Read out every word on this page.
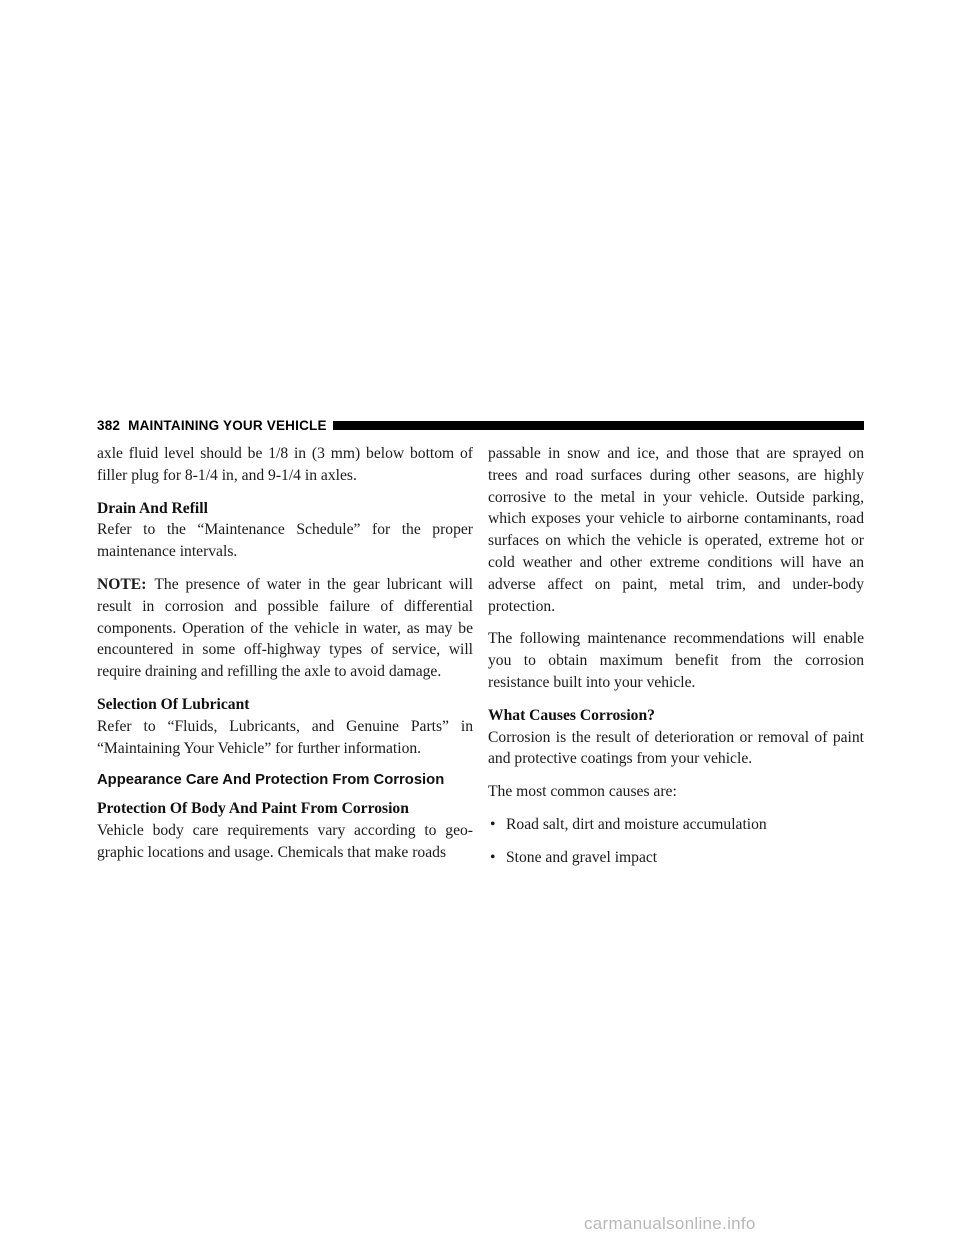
382 MAINTAINING YOUR VEHICLE

axle fluid level should be 1/8 in (3 mm) below bottom of filler plug for 8-1/4 in, and 9-1/4 in axles.

Drain And Refill

Refer to the “Maintenance Schedule” for the proper maintenance intervals.

NOTE: The presence of water in the gear lubricant will result in corrosion and possible failure of differential components. Operation of the vehicle in water, as may be encountered in some off-highway types of service, will require draining and refilling the axle to avoid damage.

Selection Of Lubricant

Refer to “Fluids, Lubricants, and Genuine Parts” in “Maintaining Your Vehicle” for further information.

Appearance Care And Protection From Corrosion
Protection Of Body And Paint From Corrosion

Vehicle body care requirements vary according to geo-graphic locations and usage. Chemicals that make roads

passable in snow and ice, and those that are sprayed on trees and road surfaces during other seasons, are highly corrosive to the metal in your vehicle. Outside parking, which exposes your vehicle to airborne contaminants, road surfaces on which the vehicle is operated, extreme hot or cold weather and other extreme conditions will have an adverse affect on paint, metal trim, and under-body protection.

The following maintenance recommendations will enable you to obtain maximum benefit from the corrosion resistance built into your vehicle.

What Causes Corrosion?

Corrosion is the result of deterioration or removal of paint and protective coatings from your vehicle.

The most common causes are:

• Road salt, dirt and moisture accumulation
• Stone and gravel impact
carmanualsonline.info
